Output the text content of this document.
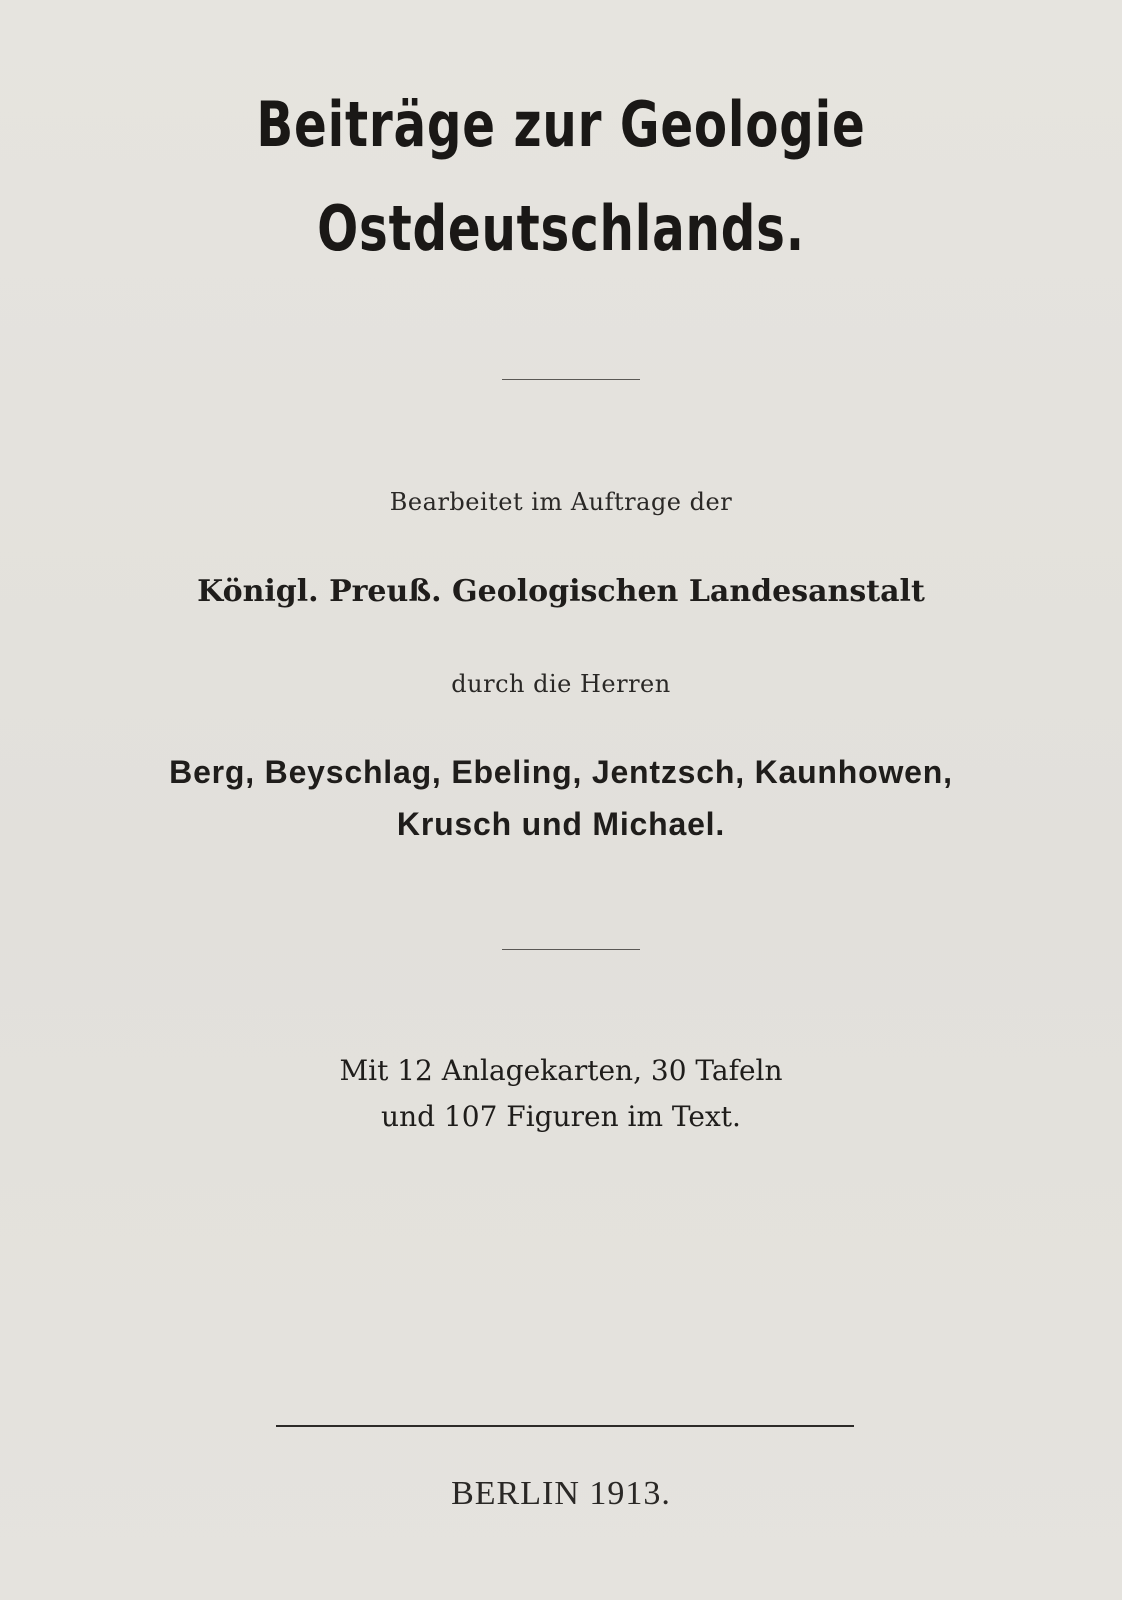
Beiträge zur Geologie
Ostdeutschlands.
Bearbeitet im Auftrage der
Königl. Preuß. Geologischen Landesanstalt
durch die Herren
Berg, Beyschlag, Ebeling, Jentzsch, Kaunhowen,
Krusch und Michael.
Mit 12 Anlagekarten, 30 Tafeln
und 107 Figuren im Text.
BERLIN 1913.
